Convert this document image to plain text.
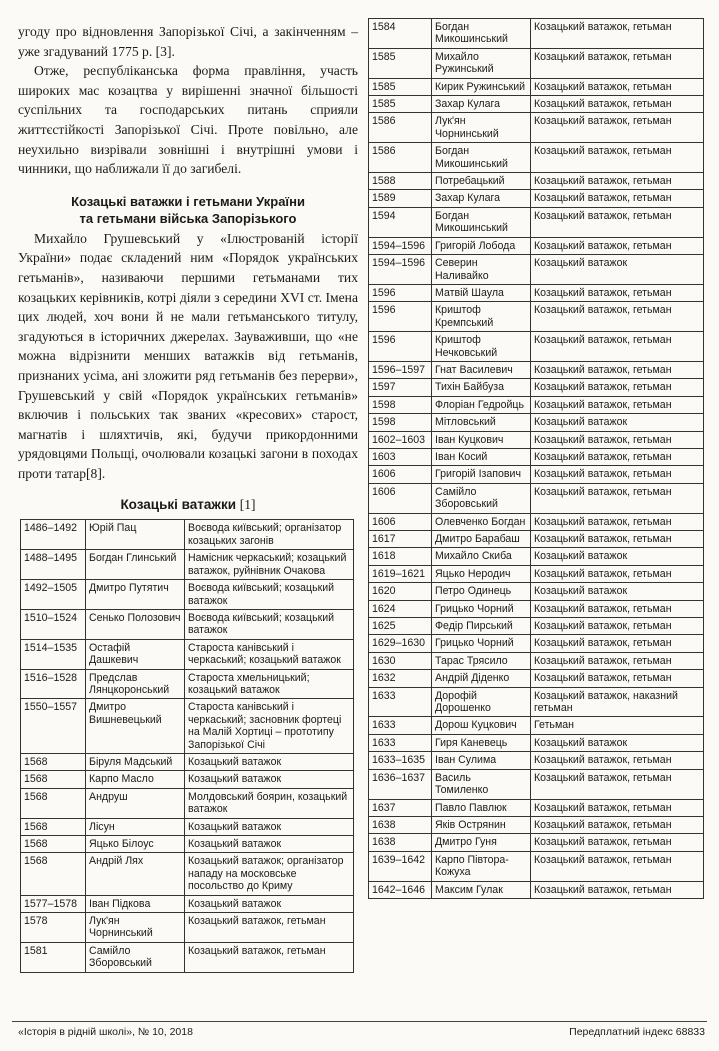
угоду про відновлення Запорізької Січі, а закінченням – уже згадуваний 1775 р. [3].

Отже, республіканська форма правління, участь широких мас козацтва у вирішенні значної більшості суспільних та господарських питань сприяли життєстійкості Запорізької Січі. Проте повільно, але неухильно визрівали зовнішні і внутрішні умови і чинники, що наближали її до загибелі.

Козацькі ватажки і гетьмани України
та гетьмани війська Запорізького

Михайло Грушевський у «Ілюстрованій історії України» подає складений ним «Порядок українських гетьманів», називаючи першими гетьманами тих козацьких керівників, котрі діяли з середини XVI ст. Імена цих людей, хоч вони й не мали гетьманського титулу, згадуються в історичних джерелах. Зауваживши, що «не можна відрізнити менших ватажків від гетьманів, признаних усіма, ані зложити ряд гетьманів без перерви», Грушевський у свій «Порядок українських гетьманів» включив і польських так званих «кресових» старост, магнатів і шляхтичів, які, будучи прикордонними урядовцями Польщі, очолювали козацькі загони в походах проти татар[8].

Козацькі ватажки [1]
1486–1492	Юрій Пац	Воєвода київський; організатор козацьких загонів
1488–1495	Богдан Глинський	Намісник черкаський; козацький ватажок, руйнівник Очакова
1492–1505	Дмитро Путятич	Воєвода київський; козацький ватажок
1510–1524	Сенько Полозович	Воєвода київський; козацький ватажок
1514–1535	Остафій Дашкевич	Староста канівський і черкаський; козацький ватажок
1516–1528	Предслав Лянцкоронський	Староста хмельницький; козацький ватажок
1550–1557	Дмитро Вишневецький	Староста канівський і черкаський; засновник фортеці на Малій Хортиці – прототипу Запорізької Січі
1568	Біруля Мадський	Козацький ватажок
1568	Карпо Масло	Козацький ватажок
1568	Андруш	Молдовський боярин, козацький ватажок
1568	Лісун	Козацький ватажок
1568	Яцько Білоус	Козацький ватажок
1568	Андрій Лях	Козацький ватажок; організатор нападу на московське посольство до Криму
1577–1578	Іван Підкова	Козацький ватажок
1578	Лук'ян Чорнинський	Козацький ватажок, гетьман
1581	Самійло Зборовський	Козацький ватажок, гетьман
1584	Богдан Микошинський	Козацький ватажок, гетьман
1585	Михайло Ружинський	Козацький ватажок, гетьман
1585	Кирик Ружинський	Козацький ватажок, гетьман
1585	Захар Кулага	Козацький ватажок, гетьман
1586	Лук'ян Чорнинський	Козацький ватажок, гетьман
1586	Богдан Микошинський	Козацький ватажок, гетьман
1588	Потребацький	Козацький ватажок, гетьман
1589	Захар Кулага	Козацький ватажок, гетьман
1594	Богдан Микошинський	Козацький ватажок, гетьман
1594–1596	Григорій Лобода	Козацький ватажок, гетьман
1594–1596	Северин Наливайко	Козацький ватажок
1596	Матвій Шаула	Козацький ватажок, гетьман
1596	Криштоф Кремпський	Козацький ватажок, гетьман
1596	Криштоф Нечковський	Козацький ватажок, гетьман
1596–1597	Гнат Василевич	Козацький ватажок, гетьман
1597	Тихін Байбуза	Козацький ватажок, гетьман
1598	Флоріан Гедройць	Козацький ватажок, гетьман
1598	Мітловський	Козацький ватажок
1602–1603	Іван Куцкович	Козацький ватажок, гетьман
1603	Іван Косий	Козацький ватажок, гетьман
1606	Григорій Ізапович	Козацький ватажок, гетьман
1606	Самійло Зборовський	Козацький ватажок, гетьман
1606	Олевченко Богдан	Козацький ватажок, гетьман
1617	Дмитро Барабаш	Козацький ватажок, гетьман
1618	Михайло Скиба	Козацький ватажок
1619–1621	Яцько Неродич	Козацький ватажок, гетьман
1620	Петро Одинець	Козацький ватажок
1624	Грицько Чорний	Козацький ватажок, гетьман
1625	Федір Пирський	Козацький ватажок, гетьман
1629–1630	Грицько Чорний	Козацький ватажок, гетьман
1630	Тарас Трясило	Козацький ватажок, гетьман
1632	Андрій Діденко	Козацький ватажок, гетьман
1633	Дорофій Дорошенко	Козацький ватажок, наказний гетьман
1633	Дорош Куцкович	Гетьман
1633	Гиря Каневець	Козацький ватажок
1633–1635	Іван Сулима	Козацький ватажок, гетьман
1636–1637	Василь Томиленко	Козацький ватажок, гетьман
1637	Павло Павлюк	Козацький ватажок, гетьман
1638	Яків Острянин	Козацький ватажок, гетьман
1638	Дмитро Гуня	Козацький ватажок, гетьман
1639–1642	Карпо Півтора-Кожуха	Козацький ватажок, гетьман
1642–1646	Максим Гулак	Козацький ватажок, гетьман
«Історія в рідній школі», № 10, 2018	Передплатний індекс 68833
